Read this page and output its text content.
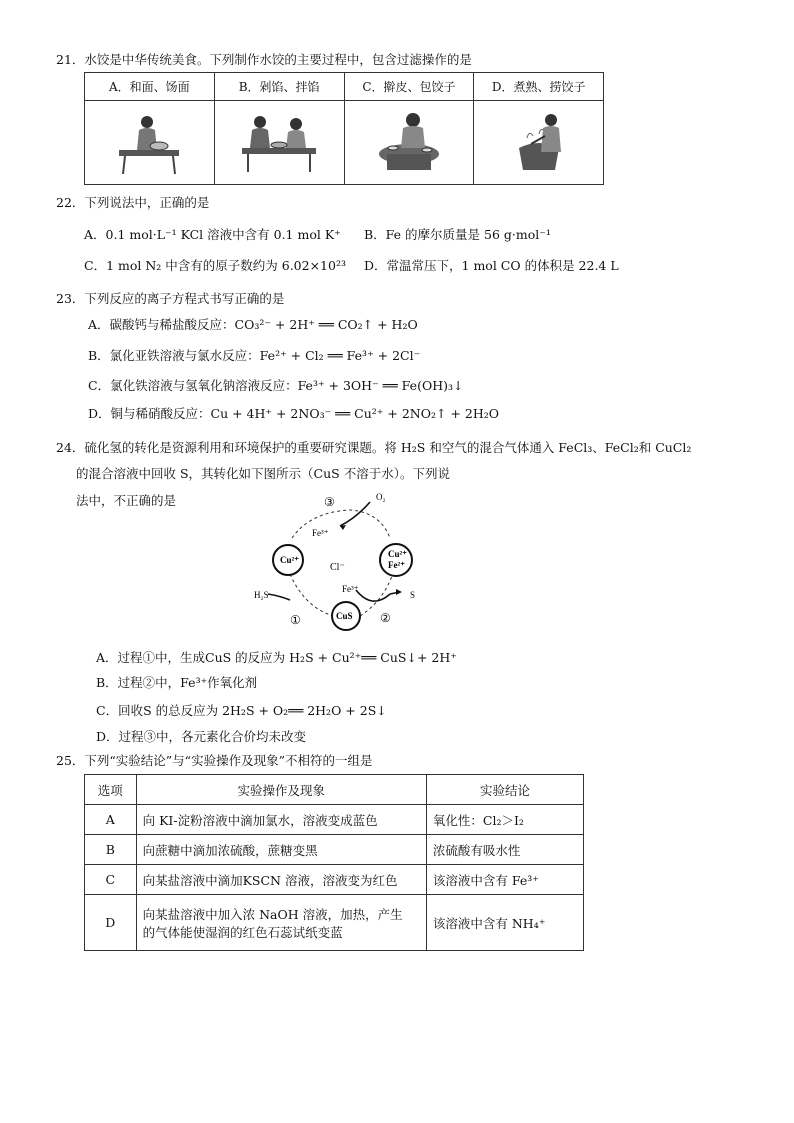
21．水饺是中华传统美食。下列制作水饺的主要过程中，包含过滤操作的是
A．和面、饧面	B．剁馅、拌馅	C．擀皮、包饺子	D．煮熟、捞饺子

22．下列说法中，正确的是
A．0.1 mol·L⁻¹ KCl 溶液中含有 0.1 mol K⁺ B．Fe 的摩尔质量是 56 g·mol⁻¹
C．1 mol N₂ 中含有的原子数约为 6.02×10²³ D．常温常压下，1 mol CO 的体积是 22.4 L
23．下列反应的离子方程式书写正确的是
A．碳酸钙与稀盐酸反应：CO₃²⁻ + 2H⁺ ══ CO₂↑ + H₂O
B．氯化亚铁溶液与氯水反应：Fe²⁺ + Cl₂ ══ Fe³⁺ + 2Cl⁻
C．氯化铁溶液与氢氧化钠溶液反应：Fe³⁺ + 3OH⁻ ══ Fe(OH)₃↓
D．铜与稀硝酸反应：Cu + 4H⁺ + 2NO₃⁻ ══ Cu²⁺ + 2NO₂↑ + 2H₂O
24．硫化氢的转化是资源利用和环境保护的重要研究课题。将 H₂S 和空气的混合气体通入 FeCl₃、FeCl₂和 CuCl₂
的混合溶液中回收 S，其转化如下图所示（CuS 不溶于水）。下列说
法中，不正确的是	③	O₂
Fe³⁺
Cu²⁺
Cl⁻
Cu²⁺
Fe²⁺
Fe³⁺
H₂S	S
CuS
①	②
A．过程①中，生成CuS 的反应为 H₂S + Cu²⁺══ CuS↓+ 2H⁺
B．过程②中，Fe³⁺作氧化剂
C．回收S 的总反应为 2H₂S + O₂══ 2H₂O + 2S↓
D．过程③中，各元素化合价均未改变
25．下列“实验结论”与“实验操作及现象”不相符的一组是
选项	实验操作及现象	实验结论
A	向 KI-淀粉溶液中滴加氯水，溶液变成蓝色	氧化性：Cl₂＞I₂
B	向蔗糖中滴加浓硫酸，蔗糖变黑	浓硫酸有吸水性
C	向某盐溶液中滴加KSCN 溶液，溶液变为红色	该溶液中含有 Fe³⁺
D	向某盐溶液中加入浓 NaOH 溶液，加热，产生
的气体能使湿润的红色石蕊试纸变蓝	该溶液中含有 NH₄⁺
